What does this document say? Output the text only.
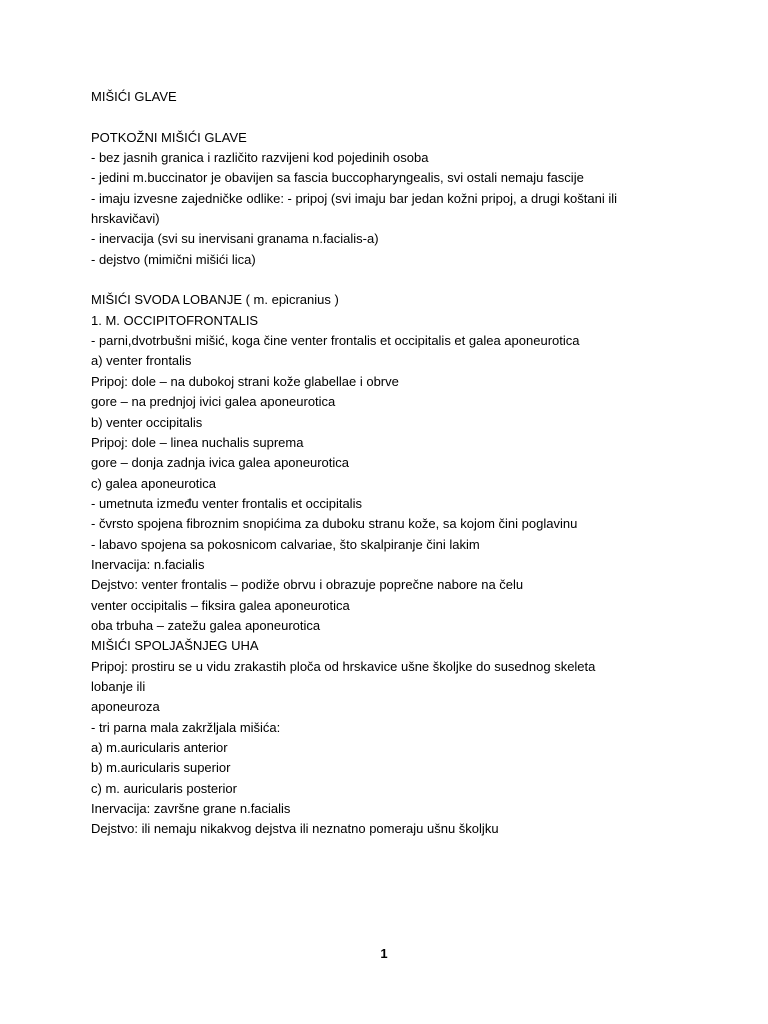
MIŠIĆI GLAVE
POTKOŽNI MIŠIĆI GLAVE
- bez jasnih granica i različito razvijeni kod pojedinih osoba
- jedini m.buccinator je obavijen sa fascia buccopharyngealis, svi ostali nemaju fascije
- imaju izvesne zajedničke odlike: - pripoj (svi imaju bar jedan kožni pripoj, a drugi koštani ili
hrskavičavi)
- inervacija (svi su inervisani granama n.facialis-a)
- dejstvo (mimični mišići lica)
MIŠIĆI SVODA LOBANJE ( m. epicranius )
1. M. OCCIPITOFRONTALIS
- parni,dvotrbušni mišić, koga čine venter frontalis et occipitalis et galea aponeurotica
a) venter frontalis
Pripoj: dole – na dubokoj strani kože glabellae i obrve
gore – na prednjoj ivici galea aponeurotica
b) venter occipitalis
Pripoj: dole – linea nuchalis suprema
gore – donja zadnja ivica galea aponeurotica
c) galea aponeurotica
- umetnuta između venter frontalis et occipitalis
- čvrsto spojena fibroznim snopićima za duboku stranu kože, sa kojom čini poglavinu
- labavo spojena sa pokosnicom calvariae, što skalpiranje čini lakim
Inervacija: n.facialis
Dejstvo: venter frontalis – podiže obrvu i obrazuje poprečne nabore na čelu
venter occipitalis – fiksira galea aponeurotica
oba trbuha – zatežu galea aponeurotica
MIŠIĆI SPOLJAŠNJEG UHA
Pripoj: prostiru se u vidu zrakastih ploča od hrskavice ušne školjke do susednog skeleta
lobanje ili
aponeuroza
- tri parna mala zakržljala mišića:
a) m.auricularis anterior
b) m.auricularis superior
c) m. auricularis posterior
Inervacija: završne grane n.facialis
Dejstvo: ili nemaju nikakvog dejstva ili neznatno pomeraju ušnu školjku
1
